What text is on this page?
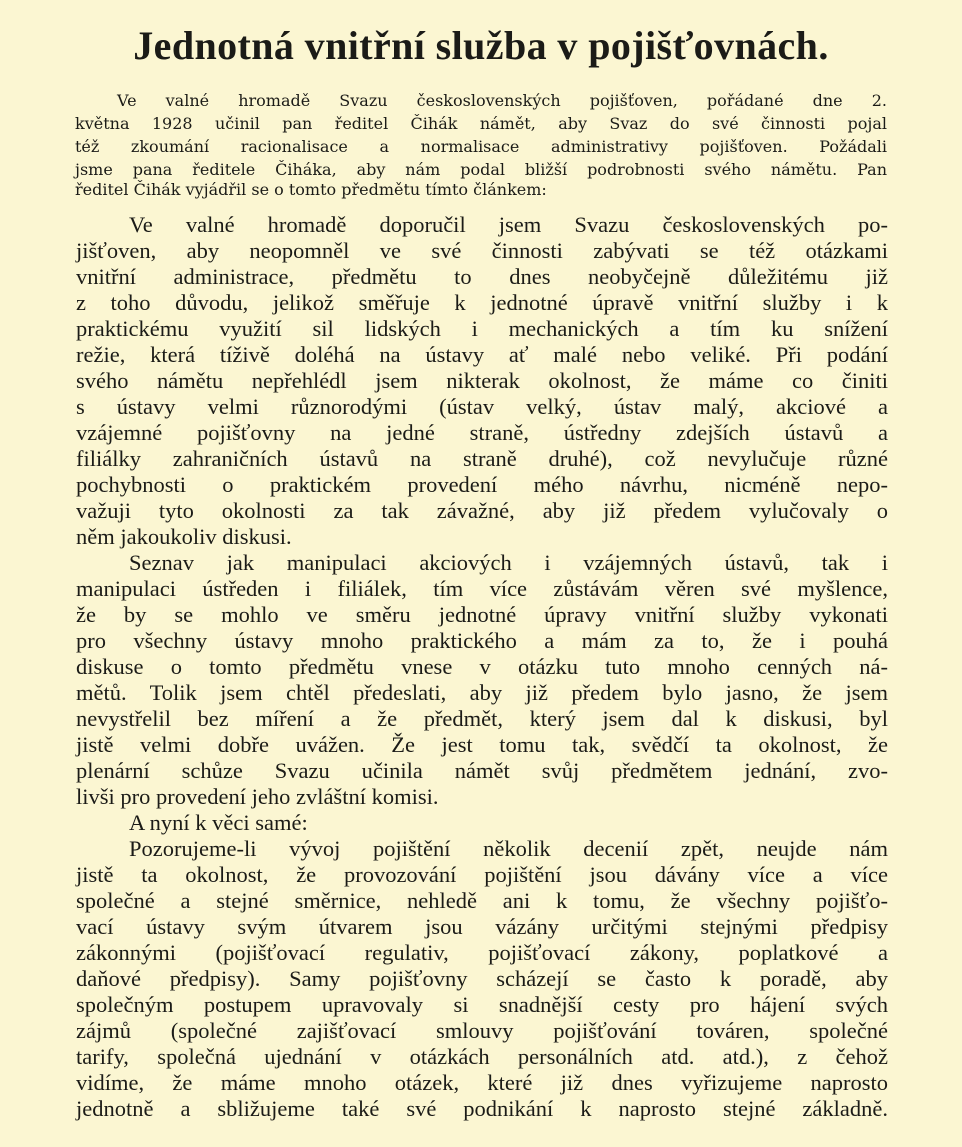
Jednotná vnitřní služba v pojišťovnách.
Ve valné hromadě Svazu československých pojišťoven, pořádané dne 2.
května 1928 učinil pan ředitel Čihák námět, aby Svaz do své činnosti pojal
též zkoumání racionalisace a normalisace administrativy pojišťoven. Požádali
jsme pana ředitele Čiháka, aby nám podal bližší podrobnosti svého námětu. Pan
ředitel Čihák vyjádřil se o tomto předmětu tímto článkem:
Ve valné hromadě doporučil jsem Svazu československých po-
jišťoven, aby neopomněl ve své činnosti zabývati se též otázkami
vnitřní administrace, předmětu to dnes neobyčejně důležitému již
z toho důvodu, jelikož směřuje k jednotné úpravě vnitřní služby i k
praktickému využití sil lidských i mechanických a tím ku snížení
režie, která tíživě doléhá na ústavy ať malé nebo veliké. Při podání
svého námětu nepřehlédl jsem nikterak okolnost, že máme co činiti
s ústavy velmi různorodými (ústav velký, ústav malý, akciové a
vzájemné pojišťovny na jedné straně, ústředny zdejších ústavů a
filiálky zahraničních ústavů na straně druhé), což nevylučuje různé
pochybnosti o praktickém provedení mého návrhu, nicméně nepo-
važuji tyto okolnosti za tak závažné, aby již předem vylučovaly o
něm jakoukoliv diskusi.
Seznav jak manipulaci akciových i vzájemných ústavů, tak i
manipulaci ústředen i filiálek, tím více zůstávám věren své myšlence,
že by se mohlo ve směru jednotné úpravy vnitřní služby vykonati
pro všechny ústavy mnoho praktického a mám za to, že i pouhá
diskuse o tomto předmětu vnese v otázku tuto mnoho cenných ná-
mětů. Tolik jsem chtěl předeslati, aby již předem bylo jasno, že jsem
nevystřelil bez míření a že předmět, který jsem dal k diskusi, byl
jistě velmi dobře uvážen. Že jest tomu tak, svědčí ta okolnost, že
plenární schůze Svazu učinila námět svůj předmětem jednání, zvo-
livši pro provedení jeho zvláštní komisi.
A nyní k věci samé:
Pozorujeme-li vývoj pojištění několik decenií zpět, neujde nám
jistě ta okolnost, že provozování pojištění jsou dávány více a více
společné a stejné směrnice, nehledě ani k tomu, že všechny pojišťo-
vací ústavy svým útvarem jsou vázány určitými stejnými předpisy
zákonnými (pojišťovací regulativ, pojišťovací zákony, poplatkové a
daňové předpisy). Samy pojišťovny scházejí se často k poradě, aby
společným postupem upravovaly si snadnější cesty pro hájení svých
zájmů (společné zajišťovací smlouvy pojišťování továren, společné
tarify, společná ujednání v otázkách personálních atd. atd.), z čehož
vidíme, že máme mnoho otázek, které již dnes vyřizujeme naprosto
jednotně a sbližujeme také své podnikání k naprosto stejné základně.
